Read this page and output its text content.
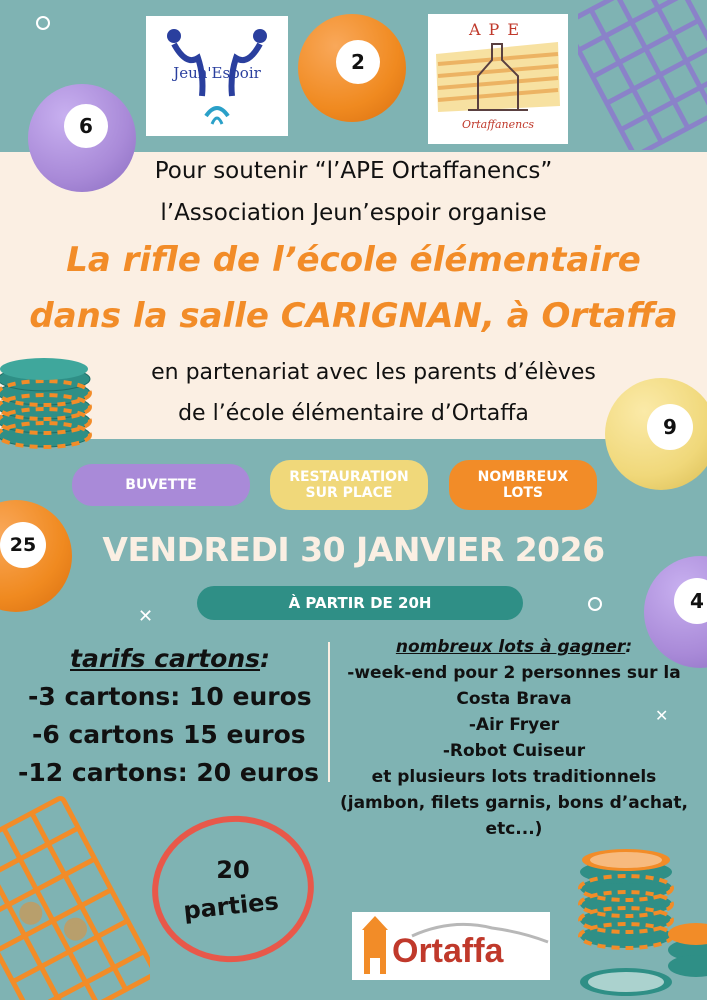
✕
✕
Jeun'Espoir
APE
Ortaffanencs
2
6
9
25
4
Pour soutenir “l’APE Ortaffanencs”
l’Association Jeun’espoir organise
La rifle de l’école élémentaire
dans la salle CARIGNAN, à Ortaffa
en partenariat avec les parents d’élèves
de l’école élémentaire d’Ortaffa
BUVETTE	RESTAURATION
SUR PLACE
NOMBREUX
LOTS
VENDREDI 30 JANVIER 2026
À PARTIR DE 20H
tarifs cartons:
-3 cartons: 10 euros
-6 cartons 15 euros
-12 cartons: 20 euros
nombreux lots à gagner:
-week-end pour 2 personnes sur la
Costa Brava
-Air Fryer
-Robot Cuiseur
et plusieurs lots traditionnels
(jambon, filets garnis, bons d’achat,
etc...)
20
parties
Ortaffa
